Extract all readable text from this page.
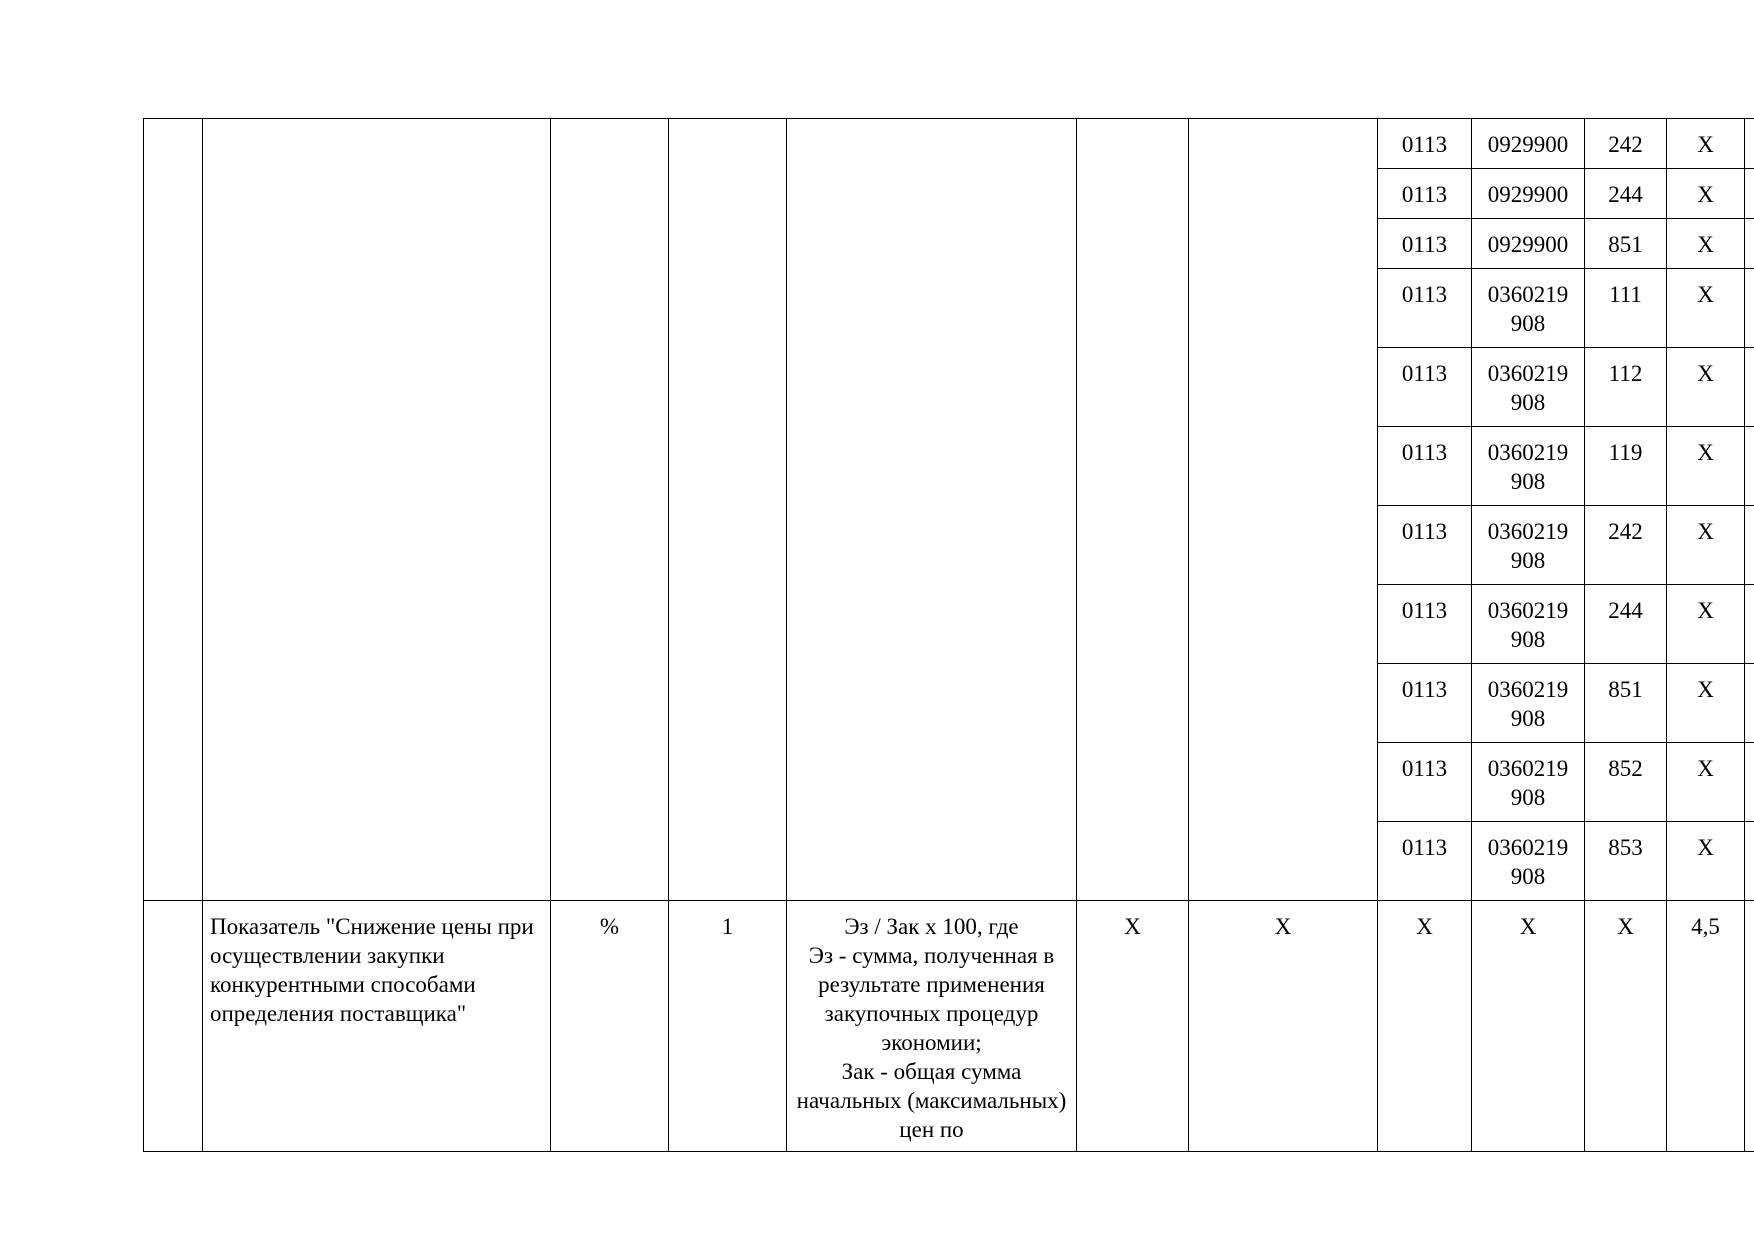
							0113	0929900	242	X	

							0113	0929900	244	X	

							0113	0929900	851	X	

							0113	0360219 908	111	X	

							0113	0360219 908	112	X	

							0113	0360219 908	119	X	

							0113	0360219 908	242	X	

							0113	0360219 908	244	X	

							0113	0360219 908	851	X	

							0113	0360219 908	852	X	

							0113	0360219 908	853	X	

	Показатель "Снижение цены при осуществлении закупки конкурентными способами определения поставщика"	%	1	Эз / Зак х 100, где
Эз - сумма, полученная в результате применения закупочных процедур экономии;
Зак - общая сумма начальных (максимальных) цен по	X	X	X	X	X	4,5	
